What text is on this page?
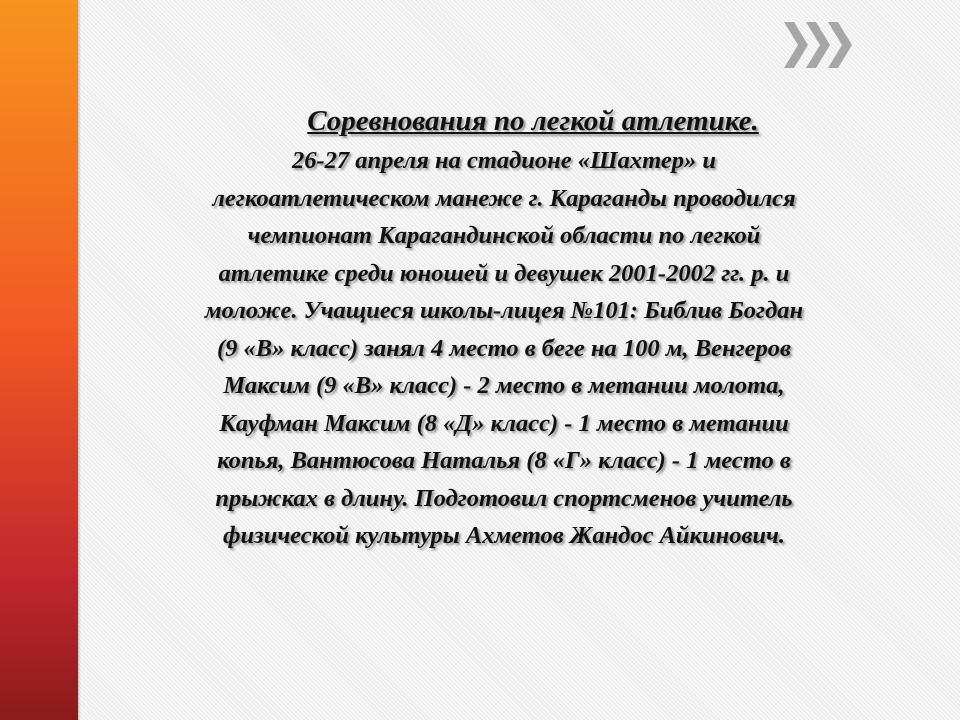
Соревнования по легкой атлетике.
26-27 апреля на стадионе «Шахтер» и
легкоатлетическом манеже г. Караганды проводился
чемпионат Карагандинской области по легкой
атлетике среди юношей и девушек 2001-2002 гг. р. и
моложе. Учащиеся школы-лицея №101: Библив Богдан
(9 «В» класс) занял 4 место в беге на 100 м, Венгеров
Максим (9 «В» класс) - 2 место в метании молота,
Кауфман Максим (8 «Д» класс) - 1 место в метании
копья, Вантюсова Наталья (8 «Г» класс) - 1 место в
прыжках в длину. Подготовил спортсменов учитель
физической культуры Ахметов Жандос Айкинович.
